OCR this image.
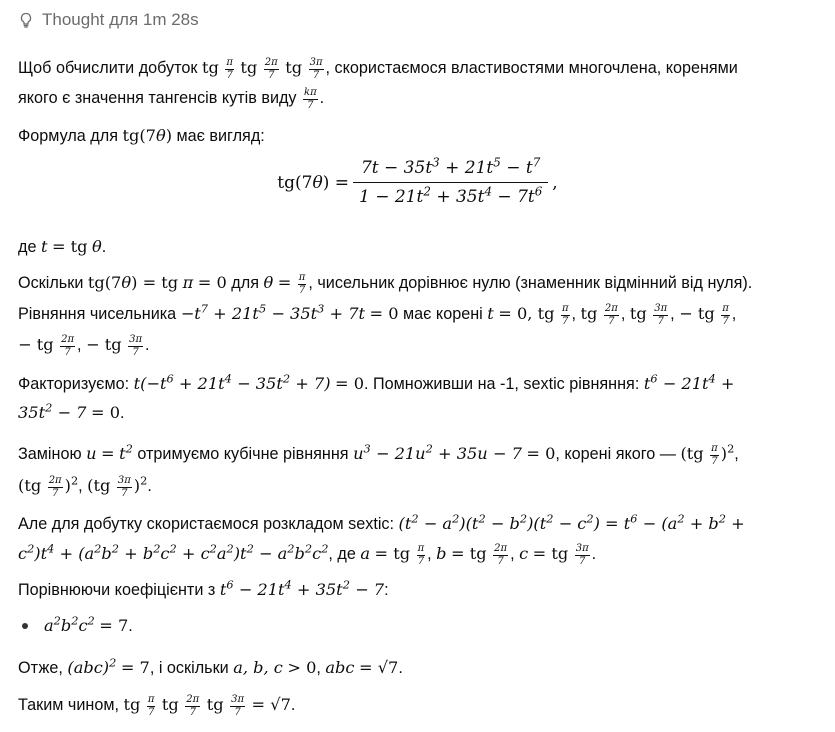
Thought для 1m 28s
Щоб обчислити добуток tg $\frac{\pi}{7}$ tg $\frac{2\pi}{7}$ tg $\frac{3\pi}{7}$ , скористаємося властивостями многочлена, коренями
якого є значення тангенсів кутів виду $\frac{k\pi}{7}$ .
Формула для tg(7θ) має вигляд:
tg(7 θ ) = $\frac{7t - 35t^3 + 21t^5 - t^7}{1 - 21t^2 + 35t^4 - 7t^6}$ ,
де t = tg θ.
Оскільки tg(7θ) = tg π = 0 для $\theta = \frac{\pi}{7}$ , чисельник дорівнює нулю (знаменник відмінний від нуля).
Рівняння чисельника $-t^7 + 21t^5 - 35t^3 + 7t = 0$ має корені t = 0, tg $\frac{\pi}{7}$ , tg $\frac{2\pi}{7}$ , tg $\frac{3\pi}{7}$ , − tg $\frac{\pi}{7}$ ,
− tg $\frac{2\pi}{7}$ , − tg $\frac{3\pi}{7}$ .
Факторизуємо: $t(-t^6 + 21t^4 - 35t^2 + 7) = 0$. Помноживши на -1, sextic рівняння: $t^6 - 21t^4$ +
$35t^2 - 7 = 0$.
Заміною $u = t^2$ отримуємо кубічне рівняння $u^3 - 21u^2 + 35u - 7 = 0$, корені якого — $(tg \frac{\pi}{7} )^2$,
$(tg \frac{2\pi}{7} )^2$, $(tg \frac{3\pi}{7} )^2$.
Але для добутку скористаємося розкладом sextic: $(t^2 - a^2)(t^2 - b^2)(t^2 - c^2) = t^6 - (a^2 + b^2$ +
$c^2)t^4 + (a^2b^2 + b^2c^2 + c^2a^2)t^2 - a^2b^2c^2$, де a = tg $\frac{\pi}{7}$ , b = tg $\frac{2\pi}{7}$ , c = tg $\frac{3\pi}{7}$ .
Порівнюючи коефіцієнти з $t^6 - 21t^4 + 35t^2 - 7$:
$a^2b^2c^2 = 7$.
Отже, (abc)$^2$ = 7, і оскільки a, b, c > 0, abc = √7.
Таким чином, tg $\frac{\pi}{7}$ tg $\frac{2\pi}{7}$ tg $\frac{3\pi}{7} = √7$.
